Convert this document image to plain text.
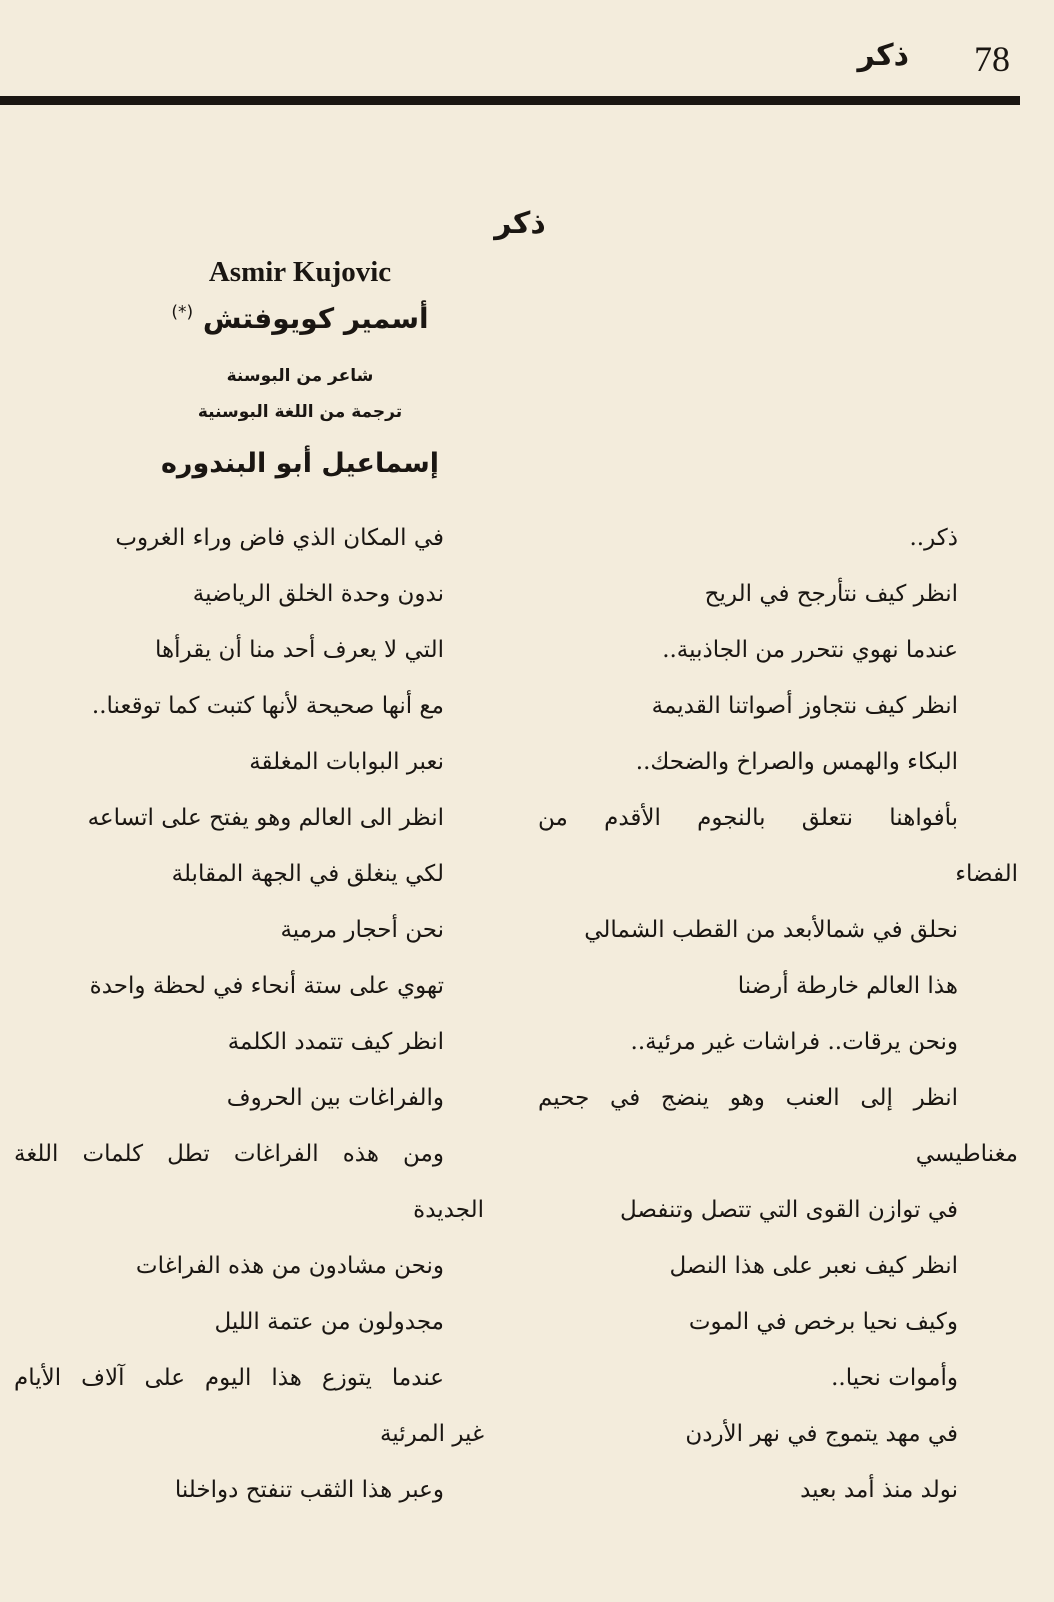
78
ذكر
ذكر
Asmir Kujovic
أسمير كويوفتش (*)
شاعر من البوسنة
ترجمة من اللغة البوسنية
إسماعيل أبو البندوره
ذكر..
انظر كيف نتأرجح في الريح
عندما نهوي نتحرر من الجاذبية..
انظر كيف نتجاوز أصواتنا القديمة
البكاء والهمس والصراخ والضحك..
بأفواهنا نتعلق بالنجوم الأقدم من
الفضاء
نحلق في شمالأبعد من القطب الشمالي
هذا العالم خارطة أرضنا
ونحن يرقات.. فراشات غير مرئية..
انظر إلى العنب وهو ينضج في جحيم
مغناطيسي
في توازن القوى التي تتصل وتنفصل
انظر كيف نعبر على هذا النصل
وكيف نحيا برخص في الموت
وأموات نحيا..
في مهد يتموج في نهر الأردن
نولد منذ أمد بعيد
في المكان الذي فاض وراء الغروب
ندون وحدة الخلق الرياضية
التي لا يعرف أحد منا أن يقرأها
مع أنها صحيحة لأنها كتبت كما توقعنا..
نعبر البوابات المغلقة
انظر الى العالم وهو يفتح على اتساعه
لكي ينغلق في الجهة المقابلة
نحن أحجار مرمية
تهوي على ستة أنحاء في لحظة واحدة
انظر كيف تتمدد الكلمة
والفراغات بين الحروف
ومن هذه الفراغات تطل كلمات اللغة
الجديدة
ونحن مشادون من هذه الفراغات
مجدولون من عتمة الليل
عندما يتوزع هذا اليوم على آلاف الأيام
غير المرئية
وعبر هذا الثقب تنفتح دواخلنا
